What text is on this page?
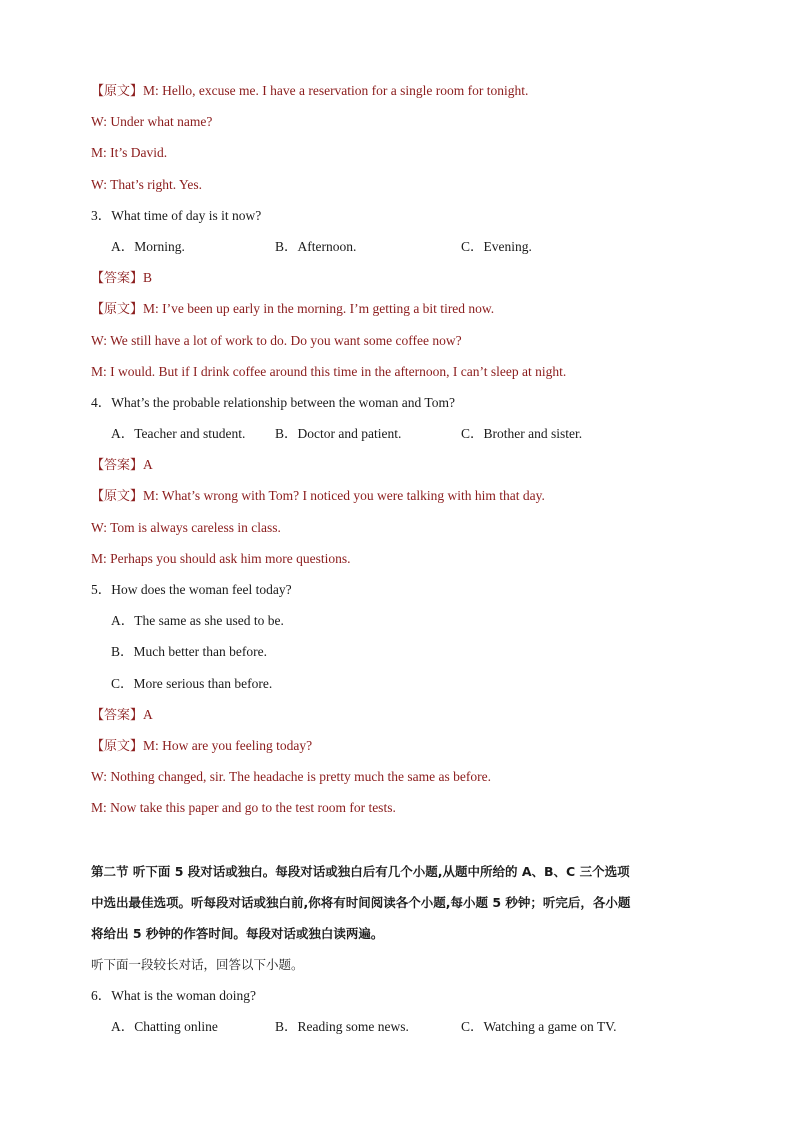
【原文】M: Hello, excuse me. I have a reservation for a single room for tonight.
W: Under what name?
M: It’s David.
W: That’s right. Yes.
3．What time of day is it now?
A．Morning.	B．Afternoon.	C．Evening.
【答案】B
【原文】M: I’ve been up early in the morning. I’m getting a bit tired now.
W: We still have a lot of work to do. Do you want some coffee now?
M: I would. But if I drink coffee around this time in the afternoon, I can’t sleep at night.
4．What’s the probable relationship between the woman and Tom?
A．Teacher and student.	B．Doctor and patient.	C．Brother and sister.
【答案】A
【原文】M: What’s wrong with Tom? I noticed you were talking with him that day.
W: Tom is always careless in class.
M: Perhaps you should ask him more questions.
5．How does the woman feel today?
A．The same as she used to be.
B．Much better than before.
C．More serious than before.
【答案】A
【原文】M: How are you feeling today?
W: Nothing changed, sir. The headache is pretty much the same as before.
M: Now take this paper and go to the test room for tests.
第二节 听下面 5 段对话或独白。每段对话或独白后有几个小题,从题中所给的 A、B、C 三个选项
中选出最佳选项。听每段对话或独白前,你将有时间阅读各个小题,每小题 5 秒钟；听完后，各小题
将给出 5 秒钟的作答时间。每段对话或独白读两遍。
听下面一段较长对话，回答以下小题。
6．What is the woman doing?
A．Chatting online	B．Reading some news.	C．Watching a game on TV.
